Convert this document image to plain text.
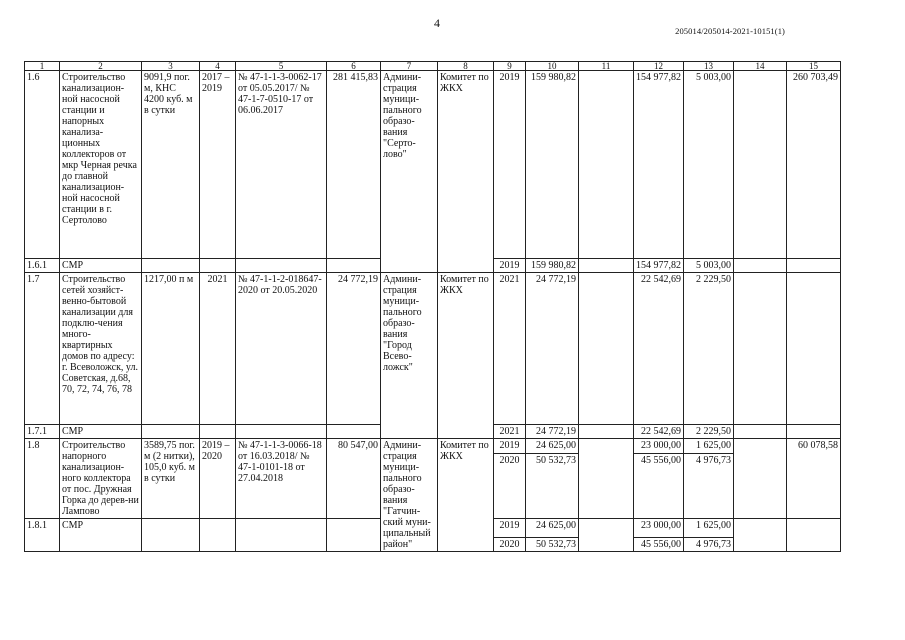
4
205014/205014-2021-10151(1)
1	2	3	4	5	6	7	8	9	10	11	12	13	14	15
1.6	Строительство канализацион-ной насосной станции и напорных канализа-ционных коллекторов от мкр Черная речка до главной канализацион-ной насосной станции в г. Сертолово	9091,9 пог. м, КНС 4200 куб. м в сутки	2017 – 2019	№ 47-1-1-3-0062-17 от 05.05.2017/ № 47-1-7-0510-17 от 06.06.2017	281 415,83	Админи-страция муници-пального образо-вания "Серто-лово"	Комитет по ЖКХ	2019	159 980,82		154 977,82	5 003,00		260 703,49
1.6.1	СМР							2019	159 980,82		154 977,82	5 003,00		
1.7	Строительство сетей хозяйст-венно-бытовой канализации для подклю-чения много-квартирных домов по адресу: г. Всеволожск, ул. Советская, д.68, 70, 72, 74, 76, 78	1217,00 п м	2021	№ 47-1-1-2-018647-2020 от 20.05.2020	24 772,19	Админи-страция муници-пального образо-вания "Город Всево-ложск"	Комитет по ЖКХ	2021	24 772,19		22 542,69	2 229,50		
1.7.1	СМР							2021	24 772,19		22 542,69	2 229,50		
1.8	Строительство напорного канализацион-ного коллектора от пос. Дружная Горка до дерев-ни Лампово	3589,75 пог. м (2 нитки), 105,0 куб. м в сутки	2019 – 2020	№ 47-1-1-3-0066-18 от 16.03.2018/ № 47-1-0101-18 от 27.04.2018	80 547,00	Админи-страция муници-пального образо-вания "Гатчин-ский муни-ципальный район"	Комитет по ЖКХ	2019	24 625,00		23 000,00	1 625,00		60 078,58
								2020	50 532,73		45 556,00	4 976,73		
1.8.1	СМР							2019	24 625,00		23 000,00	1 625,00		
								2020	50 532,73		45 556,00	4 976,73		
